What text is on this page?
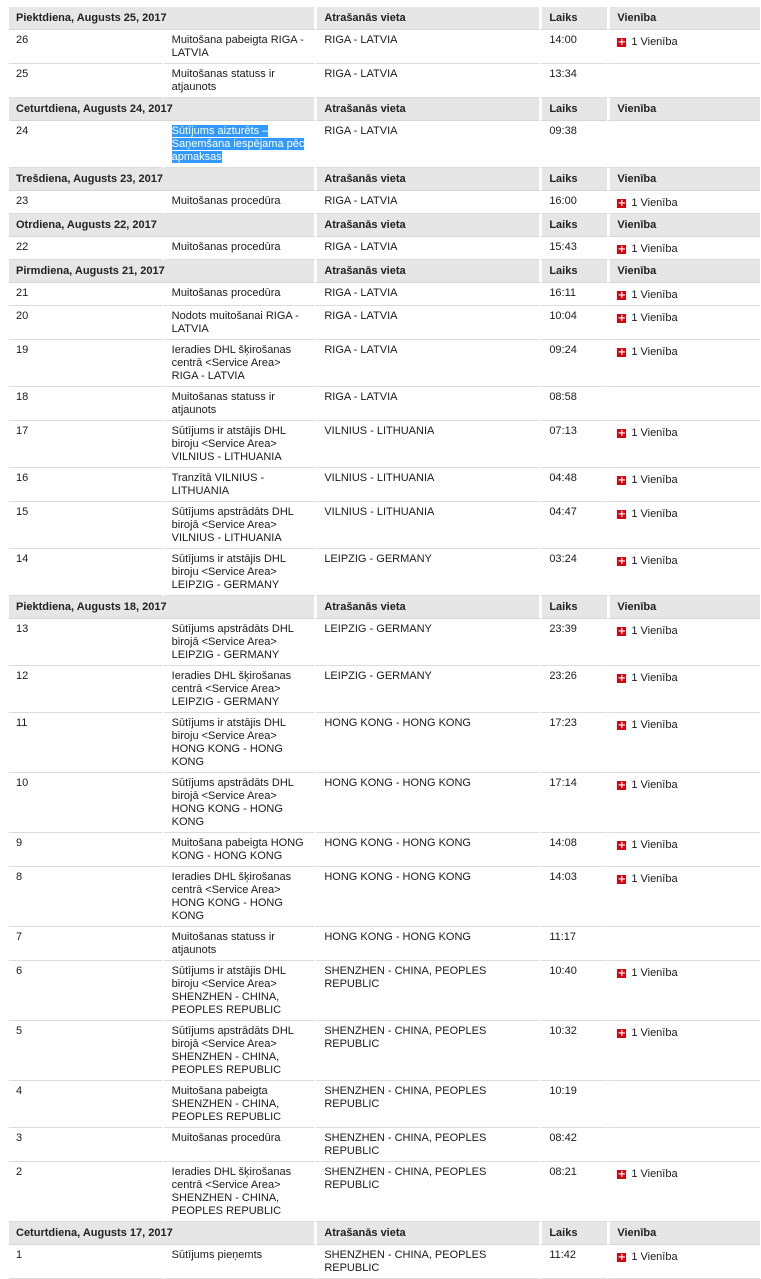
Piektdiena, Augusts 25, 2017		Atrašanās vieta	Laiks	Vienība
26	Muitošana pabeigta RIGA - LATVIA	RIGA - LATVIA	14:00	+ 1 Vienība

25	Muitošanas statuss ir atjaunots	RIGA - LATVIA	13:34	
Ceturtdiena, Augusts 24, 2017		Atrašanās vieta	Laiks	Vienība
24	Sūtījums aizturēts – Saņemšana iespējama pēc apmaksas	RIGA - LATVIA	09:38	
Trešdiena, Augusts 23, 2017		Atrašanās vieta	Laiks	Vienība
23	Muitošanas procedūra	RIGA - LATVIA	16:00	+ 1 Vienība

Otrdiena, Augusts 22, 2017		Atrašanās vieta	Laiks	Vienība
22	Muitošanas procedūra	RIGA - LATVIA	15:43	+ 1 Vienība

Pirmdiena, Augusts 21, 2017		Atrašanās vieta	Laiks	Vienība
21	Muitošanas procedūra	RIGA - LATVIA	16:11	+ 1 Vienība

20	Nodots muitošanai RIGA - LATVIA	RIGA - LATVIA	10:04	+ 1 Vienība

19	Ieradies DHL šķirošanas centrā <Service Area> RIGA - LATVIA	RIGA - LATVIA	09:24	+ 1 Vienība

18	Muitošanas statuss ir atjaunots	RIGA - LATVIA	08:58	
17	Sūtījums ir atstājis DHL biroju <Service Area> VILNIUS - LITHUANIA	VILNIUS - LITHUANIA	07:13	+ 1 Vienība

16	Tranzītā VILNIUS - LITHUANIA	VILNIUS - LITHUANIA	04:48	+ 1 Vienība

15	Sūtījums apstrādāts DHL birojā <Service Area> VILNIUS - LITHUANIA	VILNIUS - LITHUANIA	04:47	+ 1 Vienība

14	Sūtījums ir atstājis DHL biroju <Service Area> LEIPZIG - GERMANY	LEIPZIG - GERMANY	03:24	+ 1 Vienība

Piektdiena, Augusts 18, 2017		Atrašanās vieta	Laiks	Vienība
13	Sūtījums apstrādāts DHL birojā <Service Area> LEIPZIG - GERMANY	LEIPZIG - GERMANY	23:39	+ 1 Vienība

12	Ieradies DHL šķirošanas centrā <Service Area> LEIPZIG - GERMANY	LEIPZIG - GERMANY	23:26	+ 1 Vienība

11	Sūtījums ir atstājis DHL biroju <Service Area> HONG KONG - HONG KONG	HONG KONG - HONG KONG	17:23	+ 1 Vienība

10	Sūtījums apstrādāts DHL birojā <Service Area> HONG KONG - HONG KONG	HONG KONG - HONG KONG	17:14	+ 1 Vienība

9	Muitošana pabeigta HONG KONG - HONG KONG	HONG KONG - HONG KONG	14:08	+ 1 Vienība

8	Ieradies DHL šķirošanas centrā <Service Area> HONG KONG - HONG KONG	HONG KONG - HONG KONG	14:03	+ 1 Vienība

7	Muitošanas statuss ir atjaunots	HONG KONG - HONG KONG	11:17	
6	Sūtījums ir atstājis DHL biroju <Service Area> SHENZHEN - CHINA, PEOPLES REPUBLIC	SHENZHEN - CHINA, PEOPLES REPUBLIC	10:40	+ 1 Vienība

5	Sūtījums apstrādāts DHL birojā <Service Area> SHENZHEN - CHINA, PEOPLES REPUBLIC	SHENZHEN - CHINA, PEOPLES REPUBLIC	10:32	+ 1 Vienība

4	Muitošana pabeigta SHENZHEN - CHINA, PEOPLES REPUBLIC	SHENZHEN - CHINA, PEOPLES REPUBLIC	10:19	
3	Muitošanas procedūra	SHENZHEN - CHINA, PEOPLES REPUBLIC	08:42	
2	Ieradies DHL šķirošanas centrā <Service Area> SHENZHEN - CHINA, PEOPLES REPUBLIC	SHENZHEN - CHINA, PEOPLES REPUBLIC	08:21	+ 1 Vienība

Ceturtdiena, Augusts 17, 2017		Atrašanās vieta	Laiks	Vienība
1	Sūtījums pieņemts	SHENZHEN - CHINA, PEOPLES REPUBLIC	11:42	+ 1 Vienība
